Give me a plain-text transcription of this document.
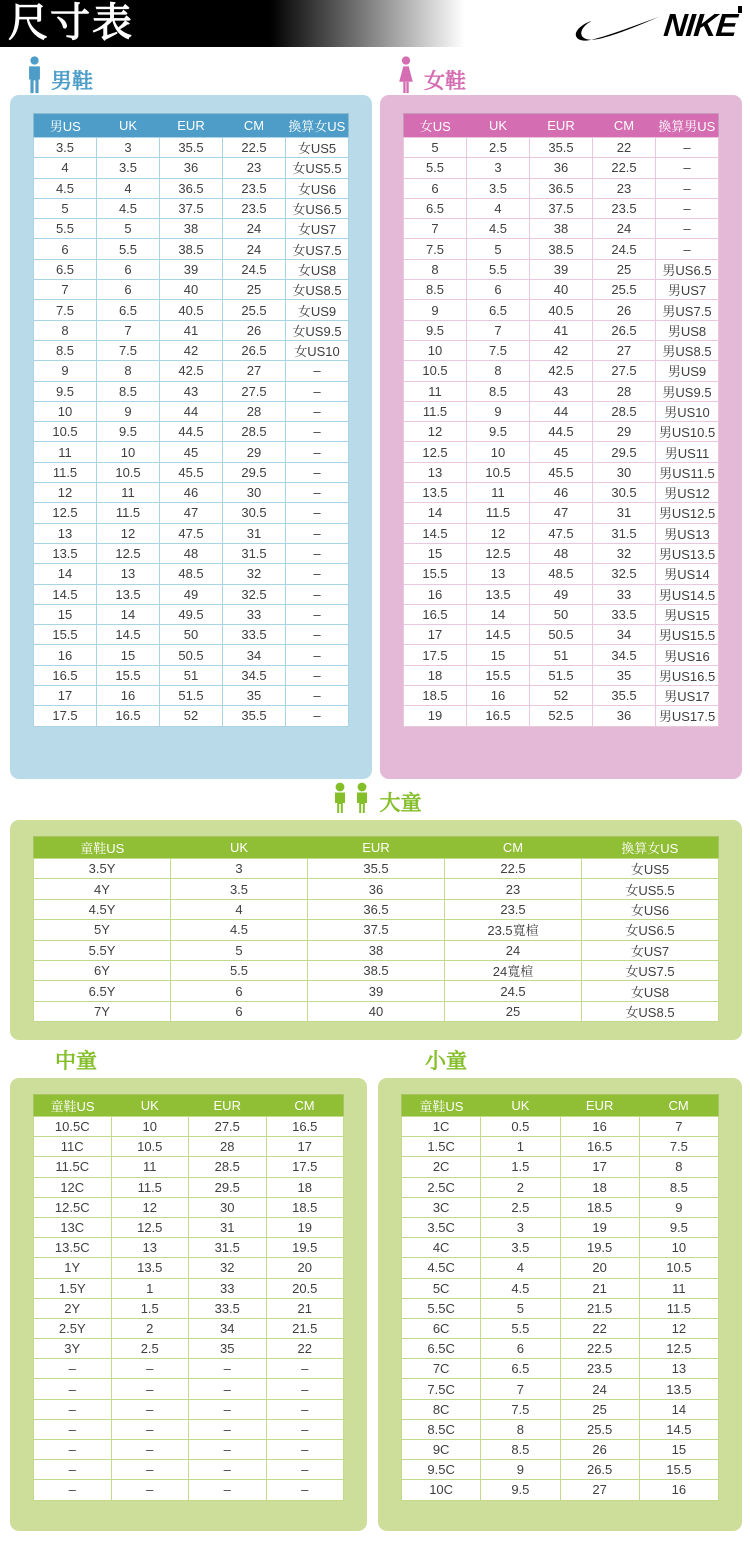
尺寸表	NIKE
男鞋	女鞋
男US	UK	EUR	CM	換算女US
3.5	3	35.5	22.5	女US5
4	3.5	36	23	女US5.5
4.5	4	36.5	23.5	女US6
5	4.5	37.5	23.5	女US6.5
5.5	5	38	24	女US7
6	5.5	38.5	24	女US7.5
6.5	6	39	24.5	女US8
7	6	40	25	女US8.5
7.5	6.5	40.5	25.5	女US9
8	7	41	26	女US9.5
8.5	7.5	42	26.5	女US10
9	8	42.5	27	–
9.5	8.5	43	27.5	–
10	9	44	28	–
10.5	9.5	44.5	28.5	–
11	10	45	29	–
11.5	10.5	45.5	29.5	–
12	11	46	30	–
12.5	11.5	47	30.5	–
13	12	47.5	31	–
13.5	12.5	48	31.5	–
14	13	48.5	32	–
14.5	13.5	49	32.5	–
15	14	49.5	33	–
15.5	14.5	50	33.5	–
16	15	50.5	34	–
16.5	15.5	51	34.5	–
17	16	51.5	35	–
17.5	16.5	52	35.5	–
女US	UK	EUR	CM	換算男US
5	2.5	35.5	22	–
5.5	3	36	22.5	–
6	3.5	36.5	23	–
6.5	4	37.5	23.5	–
7	4.5	38	24	–
7.5	5	38.5	24.5	–
8	5.5	39	25	男US6.5
8.5	6	40	25.5	男US7
9	6.5	40.5	26	男US7.5
9.5	7	41	26.5	男US8
10	7.5	42	27	男US8.5
10.5	8	42.5	27.5	男US9
11	8.5	43	28	男US9.5
11.5	9	44	28.5	男US10
12	9.5	44.5	29	男US10.5
12.5	10	45	29.5	男US11
13	10.5	45.5	30	男US11.5
13.5	11	46	30.5	男US12
14	11.5	47	31	男US12.5
14.5	12	47.5	31.5	男US13
15	12.5	48	32	男US13.5
15.5	13	48.5	32.5	男US14
16	13.5	49	33	男US14.5
16.5	14	50	33.5	男US15
17	14.5	50.5	34	男US15.5
17.5	15	51	34.5	男US16
18	15.5	51.5	35	男US16.5
18.5	16	52	35.5	男US17
19	16.5	52.5	36	男US17.5
大童
童鞋US	UK	EUR	CM	換算女US
3.5Y	3	35.5	22.5	女US5
4Y	3.5	36	23	女US5.5
4.5Y	4	36.5	23.5	女US6
5Y	4.5	37.5	23.5寬楦	女US6.5
5.5Y	5	38	24	女US7
6Y	5.5	38.5	24寬楦	女US7.5
6.5Y	6	39	24.5	女US8
7Y	6	40	25	女US8.5
中童	小童
童鞋US	UK	EUR	CM
10.5C	10	27.5	16.5
11C	10.5	28	17
11.5C	11	28.5	17.5
12C	11.5	29.5	18
12.5C	12	30	18.5
13C	12.5	31	19
13.5C	13	31.5	19.5
1Y	13.5	32	20
1.5Y	1	33	20.5
2Y	1.5	33.5	21
2.5Y	2	34	21.5
3Y	2.5	35	22
–	–	–	–
–	–	–	–
–	–	–	–
–	–	–	–
–	–	–	–
–	–	–	–
–	–	–	–
童鞋US	UK	EUR	CM
1C	0.5	16	7
1.5C	1	16.5	7.5
2C	1.5	17	8
2.5C	2	18	8.5
3C	2.5	18.5	9
3.5C	3	19	9.5
4C	3.5	19.5	10
4.5C	4	20	10.5
5C	4.5	21	11
5.5C	5	21.5	11.5
6C	5.5	22	12
6.5C	6	22.5	12.5
7C	6.5	23.5	13
7.5C	7	24	13.5
8C	7.5	25	14
8.5C	8	25.5	14.5
9C	8.5	26	15
9.5C	9	26.5	15.5
10C	9.5	27	16
